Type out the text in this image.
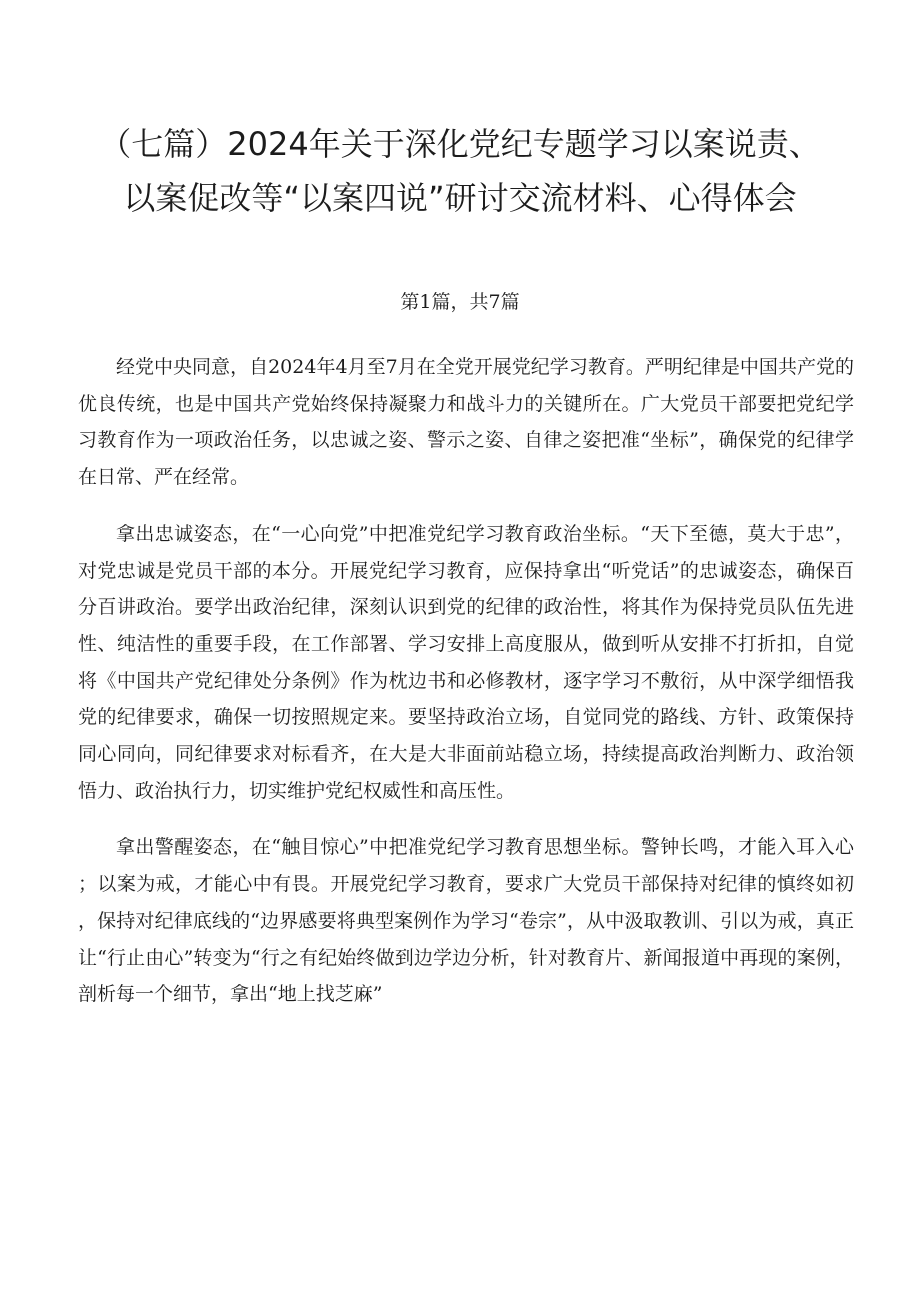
（七篇）2024年关于深化党纪专题学习以案说责、
以案促改等“以案四说”研讨交流材料、心得体会
第1篇，共7篇

经党中央同意，自2024年4月至7月在全党开展党纪学习教育。严明纪律是中国共产党的优良传统，也是中国共产党始终保持凝聚力和战斗力的关键所在。广大党员干部要把党纪学习教育作为一项政治任务，以忠诚之姿、警示之姿、自律之姿把准“坐标”，确保党的纪律学在日常、严在经常。

拿出忠诚姿态，在“一心向党”中把准党纪学习教育政治坐标。“天下至德，莫大于忠”，对党忠诚是党员干部的本分。开展党纪学习教育，应保持拿出“听党话”的忠诚姿态，确保百分百讲政治。要学出政治纪律，深刻认识到党的纪律的政治性，将其作为保持党员队伍先进性、纯洁性的重要手段，在工作部署、学习安排上高度服从，做到听从安排不打折扣，自觉将《中国共产党纪律处分条例》作为枕边书和必修教材，逐字学习不敷衍，从中深学细悟我党的纪律要求，确保一切按照规定来。要坚持政治立场，自觉同党的路线、方针、政策保持同心同向，同纪律要求对标看齐，在大是大非面前站稳立场，持续提高政治判断力、政治领悟力、政治执行力，切实维护党纪权威性和高压性。

拿出警醒姿态，在“触目惊心”中把准党纪学习教育思想坐标。警钟长鸣，才能入耳入心；以案为戒，才能心中有畏。开展党纪学习教育，要求广大党员干部保持对纪律的慎终如初，保持对纪律底线的“边界感要将典型案例作为学习“卷宗”，从中汲取教训、引以为戒，真正让“行止由心”转变为“行之有纪始终做到边学边分析，针对教育片、新闻报道中再现的案例，剖析每一个细节，拿出“地上找芝麻”
